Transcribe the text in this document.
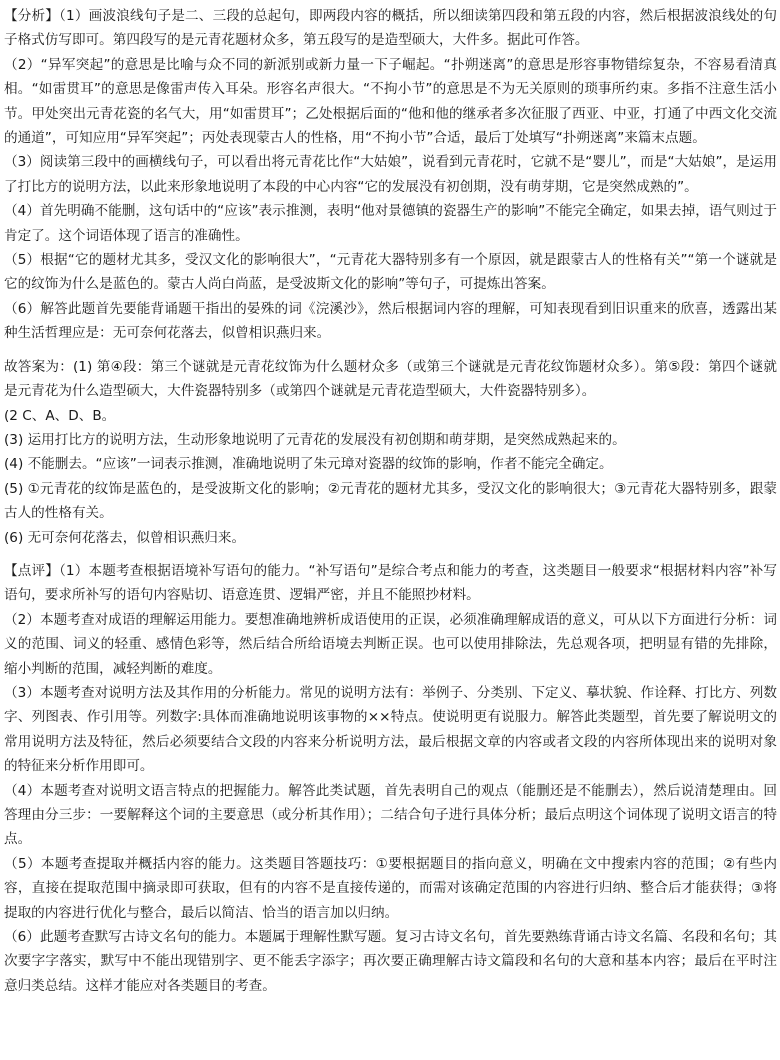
【分析】（1）画波浪线句子是二、三段的总起句，即两段内容的概括，所以细读第四段和第五段的内容，然后根据波浪线处的句子格式仿写即可。第四段写的是元青花题材众多，第五段写的是造型硕大，大件多。据此可作答。

（2）“异军突起”的意思是比喻与众不同的新派别或新力量一下子崛起。“扑朔迷离”的意思是形容事物错综复杂，不容易看清真相。“如雷贯耳”的意思是像雷声传入耳朵。形容名声很大。“不拘小节”的意思是不为无关原则的琐事所约束。多指不注意生活小节。甲处突出元青花瓷的名气大，用“如雷贯耳”；乙处根据后面的“他和他的继承者多次征服了西亚、中亚，打通了中西文化交流的通道”，可知应用“异军突起”；丙处表现蒙古人的性格，用“不拘小节”合适，最后丁处填写“扑朔迷离”来篇末点题。

（3）阅读第三段中的画横线句子，可以看出将元青花比作“大姑娘”，说看到元青花时，它就不是“婴儿”，而是“大姑娘”，是运用了打比方的说明方法，以此来形象地说明了本段的中心内容“它的发展没有初创期，没有萌芽期，它是突然成熟的”。

（4）首先明确不能删，这句话中的“应该”表示推测，表明“他对景德镇的瓷器生产的影响”不能完全确定，如果去掉，语气则过于肯定了。这个词语体现了语言的准确性。

（5）根据“它的题材尤其多，受汉文化的影响很大”，“元青花大器特别多有一个原因，就是跟蒙古人的性格有关”“第一个谜就是它的纹饰为什么是蓝色的。蒙古人尚白尚蓝，是受波斯文化的影响”等句子，可提炼出答案。

（6）解答此题首先要能背诵题干指出的晏殊的词《浣溪沙》，然后根据词内容的理解，可知表现看到旧识重来的欣喜，透露出某种生活哲理应是：无可奈何花落去，似曾相识燕归来。

故答案为：(1) 第④段：第三个谜就是元青花纹饰为什么题材众多（或第三个谜就是元青花纹饰题材众多）。第⑤段：第四个谜就是元青花为什么造型硕大，大件瓷器特别多（或第四个谜就是元青花造型硕大，大件瓷器特别多）。

(2 C、A、D、B。

(3) 运用打比方的说明方法，生动形象地说明了元青花的发展没有初创期和萌芽期，是突然成熟起来的。

(4) 不能删去。“应该”一词表示推测，准确地说明了朱元璋对瓷器的纹饰的影响，作者不能完全确定。

(5) ①元青花的纹饰是蓝色的，是受波斯文化的影响；②元青花的题材尤其多，受汉文化的影响很大；③元青花大器特别多，跟蒙古人的性格有关。

(6) 无可奈何花落去，似曾相识燕归来。

【点评】（1）本题考查根据语境补写语句的能力。“补写语句”是综合考点和能力的考查，这类题目一般要求“根据材料内容”补写语句，要求所补写的语句内容贴切、语意连贯、逻辑严密，并且不能照抄材料。

（2）本题考查对成语的理解运用能力。要想准确地辨析成语使用的正误，必须准确理解成语的意义，可从以下方面进行分析：词义的范围、词义的轻重、感情色彩等，然后结合所给语境去判断正误。也可以使用排除法，先总观各项，把明显有错的先排除，缩小判断的范围，减轻判断的难度。

（3）本题考查对说明方法及其作用的分析能力。常见的说明方法有：举例子、分类别、下定义、摹状貌、作诠释、打比方、列数字、列图表、作引用等。列数字:具体而准确地说明该事物的××特点。使说明更有说服力。解答此类题型，首先要了解说明文的常用说明方法及特征，然后必须要结合文段的内容来分析说明方法，最后根据文章的内容或者文段的内容所体现出来的说明对象的特征来分析作用即可。

（4）本题考查对说明文语言特点的把握能力。解答此类试题，首先表明自己的观点（能删还是不能删去），然后说清楚理由。回答理由分三步：一要解释这个词的主要意思（或分析其作用）；二结合句子进行具体分析；最后点明这个词体现了说明文语言的特点。

（5）本题考查提取并概括内容的能力。这类题目答题技巧：①要根据题目的指向意义，明确在文中搜索内容的范围；②有些内容，直接在提取范围中摘录即可获取，但有的内容不是直接传递的，而需对该确定范围的内容进行归纳、整合后才能获得；③将提取的内容进行优化与整合，最后以简洁、恰当的语言加以归纳。

（6）此题考查默写古诗文名句的能力。本题属于理解性默写题。复习古诗文名句，首先要熟练背诵古诗文名篇、名段和名句；其次要字字落实，默写中不能出现错别字、更不能丢字添字；再次要正确理解古诗文篇段和名句的大意和基本内容；最后在平时注意归类总结。这样才能应对各类题目的考查。
